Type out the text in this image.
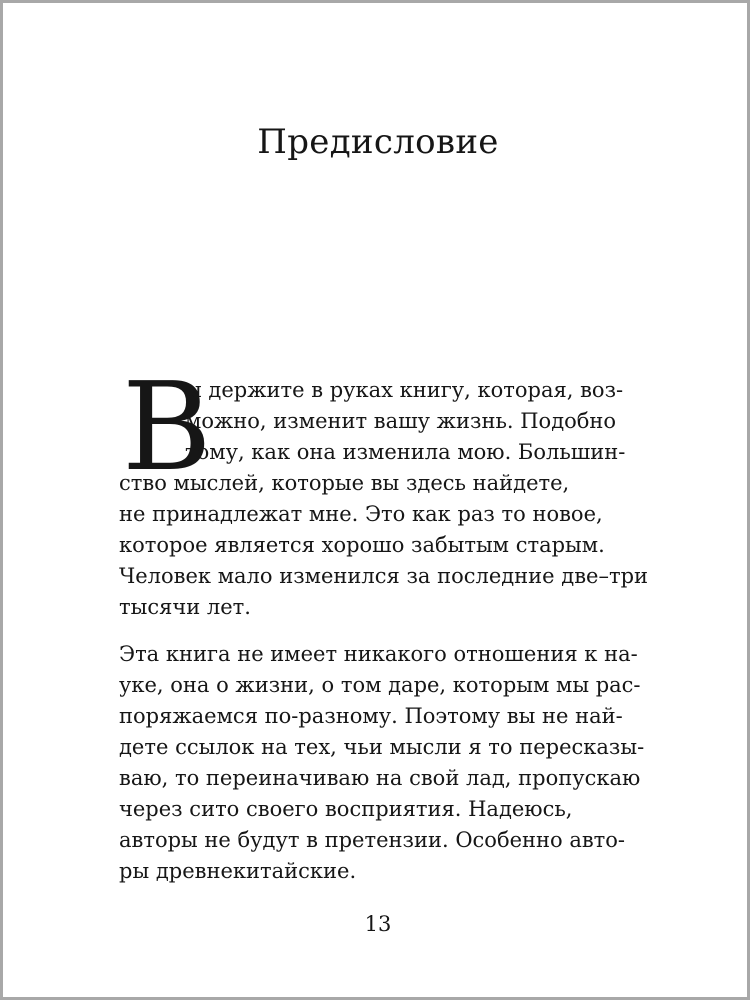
Предисловие
В
ы держите в руках книгу, которая, воз-
можно, изменит вашу жизнь. Подобно
тому, как она изменила мою. Большин-
ство мыслей, которые вы здесь найдете,
не принадлежат мне. Это как раз то новое,
которое является хорошо забытым старым.
Человек мало изменился за последние две–три
тысячи лет.
Эта книга не имеет никакого отношения к на-
уке, она о жизни, о том даре, которым мы рас-
поряжаемся по-разному. Поэтому вы не най-
дете ссылок на тех, чьи мысли я то пересказы-
ваю, то переиначиваю на свой лад, пропускаю
через сито своего восприятия. Надеюсь,
авторы не будут в претензии. Особенно авто-
ры древнекитайские.
13
